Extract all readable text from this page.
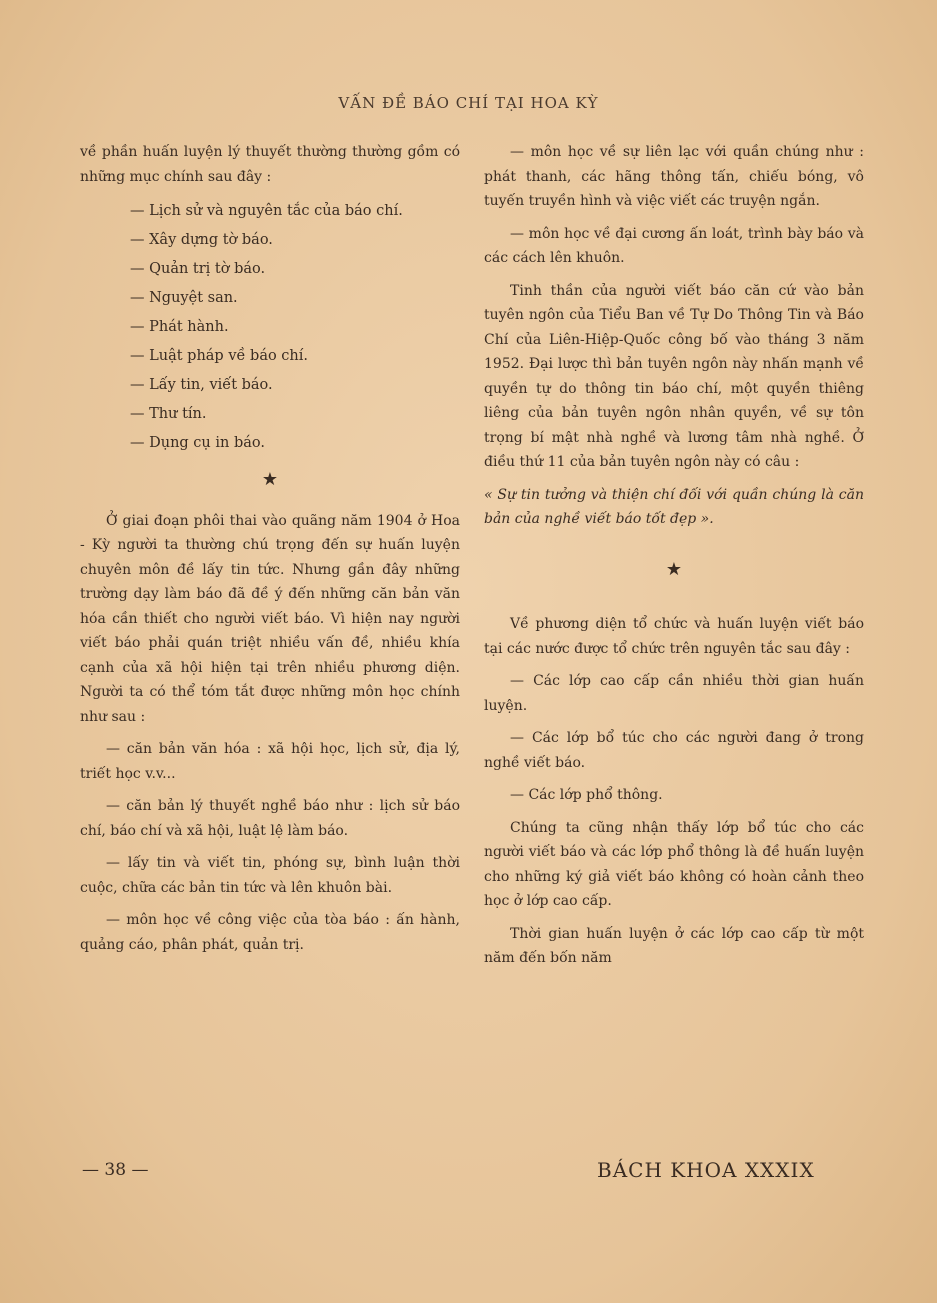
VẤN ĐỀ BÁO CHÍ TẠI HOA KỲ

về phần huấn luyện lý thuyết thường thường gồm có những mục chính sau đây :

— Lịch sử và nguyên tắc của báo chí.
— Xây dựng tờ báo.
— Quản trị tờ báo.
— Nguyệt san.
— Phát hành.
— Luật pháp về báo chí.
— Lấy tin, viết báo.
— Thư tín.
— Dụng cụ in báo.
★

Ở giai đoạn phôi thai vào quãng năm 1904 ở Hoa - Kỳ người ta thường chú trọng đến sự huấn luyện chuyên môn đề lấy tin tức. Nhưng gần đây những trường dạy làm báo đã đề ý đến những căn bản văn hóa cần thiết cho người viết báo. Vì hiện nay người viết báo phải quán triệt nhiều vấn đề, nhiều khía cạnh của xã hội hiện tại trên nhiều phương diện. Người ta có thể tóm tắt được những môn học chính như sau :

— căn bản văn hóa : xã hội học, lịch sử, địa lý, triết học v.v...

— căn bản lý thuyết nghề báo như : lịch sử báo chí, báo chí và xã hội, luật lệ làm báo.

— lấy tin và viết tin, phóng sự, bình luận thời cuộc, chữa các bản tin tức và lên khuôn bài.

— môn học về công việc của tòa báo : ấn hành, quảng cáo, phân phát, quản trị.

— môn học về sự liên lạc với quần chúng như : phát thanh, các hãng thông tấn, chiếu bóng, vô tuyến truyền hình và việc viết các truyện ngắn.

— môn học về đại cương ấn loát, trình bày báo và các cách lên khuôn.

Tinh thần của người viết báo căn cứ vào bản tuyên ngôn của Tiểu Ban về Tự Do Thông Tin và Báo Chí của Liên-Hiệp-Quốc công bố vào tháng 3 năm 1952. Đại lược thì bản tuyên ngôn này nhấn mạnh về quyền tự do thông tin báo chí, một quyền thiêng liêng của bản tuyên ngôn nhân quyền, về sự tôn trọng bí mật nhà nghề và lương tâm nhà nghề. Ở điều thứ 11 của bản tuyên ngôn này có câu :

« Sự tin tưởng và thiện chí đối với quần chúng là căn bản của nghề viết báo tốt đẹp ».

★

Về phương diện tổ chức và huấn luyện viết báo tại các nước được tổ chức trên nguyên tắc sau đây :

— Các lớp cao cấp cần nhiều thời gian huấn luyện.

— Các lớp bổ túc cho các người đang ở trong nghề viết báo.

— Các lớp phổ thông.

Chúng ta cũng nhận thấy lớp bổ túc cho các người viết báo và các lớp phổ thông là đề huấn luyện cho những ký giả viết báo không có hoàn cảnh theo học ở lớp cao cấp.

Thời gian huấn luyện ở các lớp cao cấp từ một năm đến bốn năm

— 38 —	BÁCH KHOA XXXIX
